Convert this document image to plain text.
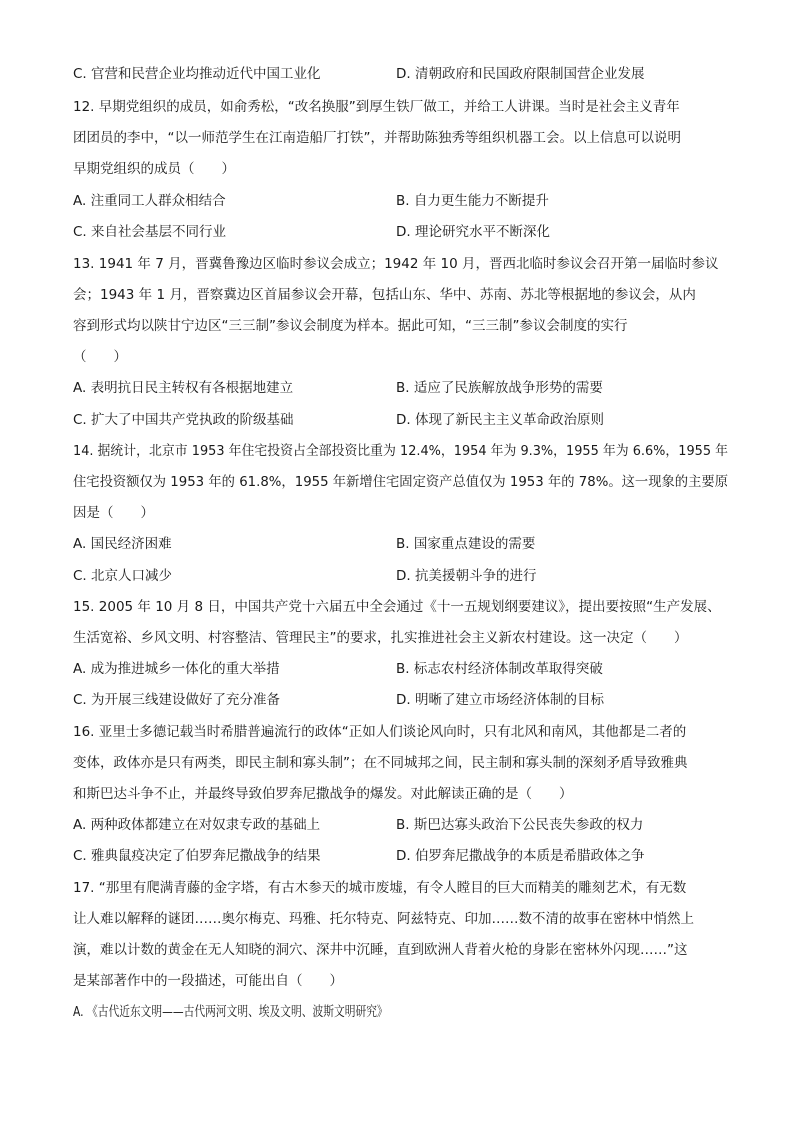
C. 官营和民营企业均推动近代中国工业化	D. 清朝政府和民国政府限制国营企业发展
12. 早期党组织的成员，如俞秀松，“改名换服”到厚生铁厂做工，并给工人讲课。当时是社会主义青年
团团员的李中，“以一师范学生在江南造船厂打铁”，并帮助陈独秀等组织机器工会。以上信息可以说明
早期党组织的成员（　　）
A. 注重同工人群众相结合	B. 自力更生能力不断提升
C. 来自社会基层不同行业	D. 理论研究水平不断深化
13. 1941 年 7 月，晋冀鲁豫边区临时参议会成立；1942 年 10 月，晋西北临时参议会召开第一届临时参议
会；1943 年 1 月，晋察冀边区首届参议会开幕，包括山东、华中、苏南、苏北等根据地的参议会，从内
容到形式均以陕甘宁边区“三三制”参议会制度为样本。据此可知，“三三制”参议会制度的实行
（　　）
A. 表明抗日民主转权有各根据地建立	B. 适应了民族解放战争形势的需要
C. 扩大了中国共产党执政的阶级基础	D. 体现了新民主主义革命政治原则
14. 据统计，北京市 1953 年住宅投资占全部投资比重为 12.4%，1954 年为 9.3%，1955 年为 6.6%，1955 年
住宅投资额仅为 1953 年的 61.8%，1955 年新增住宅固定资产总值仅为 1953 年的 78%。这一现象的主要原
因是（　　）
A. 国民经济困难	B. 国家重点建设的需要
C. 北京人口减少	D. 抗美援朝斗争的进行
15. 2005 年 10 月 8 日，中国共产党十六届五中全会通过《十一五规划纲要建议》，提出要按照“生产发展、
生活宽裕、乡风文明、村容整洁、管理民主”的要求，扎实推进社会主义新农村建设。这一决定（　　）
A. 成为推进城乡一体化的重大举措	B. 标志农村经济体制改革取得突破
C. 为开展三线建设做好了充分准备	D. 明晰了建立市场经济体制的目标
16. 亚里士多德记载当时希腊普遍流行的政体“正如人们谈论风向时，只有北风和南风，其他都是二者的
变体，政体亦是只有两类，即民主制和寡头制”；在不同城邦之间，民主制和寡头制的深刻矛盾导致雅典
和斯巴达斗争不止，并最终导致伯罗奔尼撒战争的爆发。对此解读正确的是（　　）
A. 两种政体都建立在对奴隶专政的基础上	B. 斯巴达寡头政治下公民丧失参政的权力
C. 雅典鼠疫决定了伯罗奔尼撒战争的结果	D. 伯罗奔尼撒战争的本质是希腊政体之争
17. “那里有爬满青藤的金字塔，有古木参天的城市废墟，有令人瞠目的巨大而精美的雕刻艺术，有无数
让人难以解释的谜团……奥尔梅克、玛雅、托尔特克、阿兹特克、印加……数不清的故事在密林中悄然上
演，难以计数的黄金在无人知晓的洞穴、深井中沉睡，直到欧洲人背着火枪的身影在密林外闪现……”这
是某部著作中的一段描述，可能出自（　　）
A. 《古代近东文明——古代两河文明、埃及文明、波斯文明研究》
